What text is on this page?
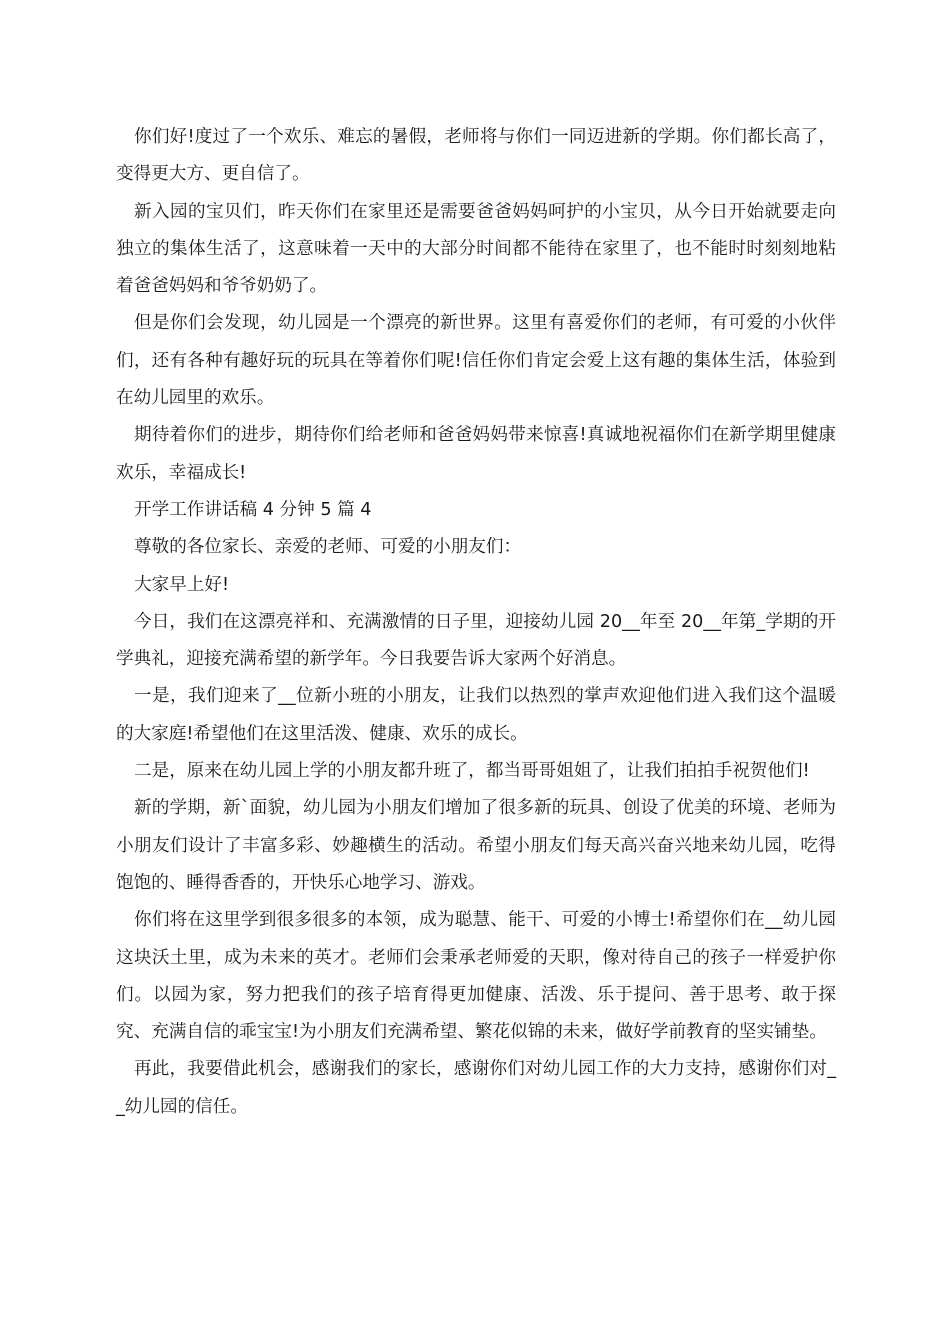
你们好!度过了一个欢乐、难忘的暑假，老师将与你们一同迈进新的学期。你们都长高了，变得更大方、更自信了。

新入园的宝贝们，昨天你们在家里还是需要爸爸妈妈呵护的小宝贝，从今日开始就要走向独立的集体生活了，这意味着一天中的大部分时间都不能待在家里了，也不能时时刻刻地粘着爸爸妈妈和爷爷奶奶了。

但是你们会发现，幼儿园是一个漂亮的新世界。这里有喜爱你们的老师，有可爱的小伙伴们，还有各种有趣好玩的玩具在等着你们呢!信任你们肯定会爱上这有趣的集体生活，体验到在幼儿园里的欢乐。

期待着你们的进步，期待你们给老师和爸爸妈妈带来惊喜!真诚地祝福你们在新学期里健康欢乐，幸福成长!

开学工作讲话稿 4 分钟 5 篇 4

尊敬的各位家长、亲爱的老师、可爱的小朋友们：

大家早上好!

今日，我们在这漂亮祥和、充满激情的日子里，迎接幼儿园 20__年至 20__年第_学期的开学典礼，迎接充满希望的新学年。今日我要告诉大家两个好消息。

一是，我们迎来了__位新小班的小朋友，让我们以热烈的掌声欢迎他们进入我们这个温暖的大家庭!希望他们在这里活泼、健康、欢乐的成长。

二是，原来在幼儿园上学的小朋友都升班了，都当哥哥姐姐了，让我们拍拍手祝贺他们!

新的学期，新`面貌，幼儿园为小朋友们增加了很多新的玩具、创设了优美的环境、老师为小朋友们设计了丰富多彩、妙趣横生的活动。希望小朋友们每天高兴奋兴地来幼儿园，吃得饱饱的、睡得香香的，开快乐心地学习、游戏。

你们将在这里学到很多很多的本领，成为聪慧、能干、可爱的小博士!希望你们在__幼儿园这块沃土里，成为未来的英才。老师们会秉承老师爱的天职，像对待自己的孩子一样爱护你们。以园为家，努力把我们的孩子培育得更加健康、活泼、乐于提问、善于思考、敢于探究、充满自信的乖宝宝!为小朋友们充满希望、繁花似锦的未来，做好学前教育的坚实铺垫。

再此，我要借此机会，感谢我们的家长，感谢你们对幼儿园工作的大力支持，感谢你们对__幼儿园的信任。
